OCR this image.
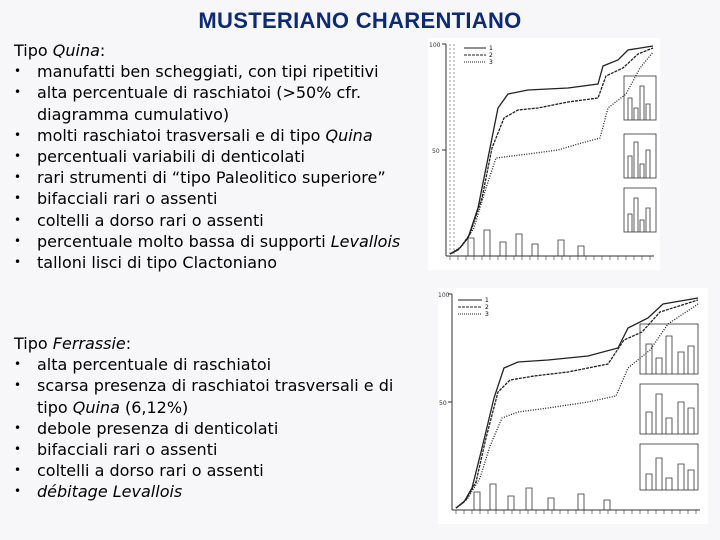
MUSTERIANO CHARENTIANO
Tipo Quina:
• manufatti ben scheggiati, con tipi ripetitivi
• alta percentuale di raschiatoi (>50% cfr. diagramma cumulativo)
• molti raschiatoi trasversali e di tipo Quina
• percentuali variabili di denticolati
• rari strumenti di “tipo Paleolitico superiore”
• bifacciali rari o assenti
• coltelli a dorso rari o assenti
• percentuale molto bassa di supporti Levallois
• talloni lisci di tipo Clactoniano
Tipo Ferrassie:
• alta percentuale di raschiatoi
• scarsa presenza di raschiatoi trasversali e di tipo Quina (6,12%)
• debole presenza di denticolati
• bifacciali rari o assenti
• coltelli a dorso rari o assenti
• débitage Levallois
100
50
1
2
3
100
50
1
2
3
